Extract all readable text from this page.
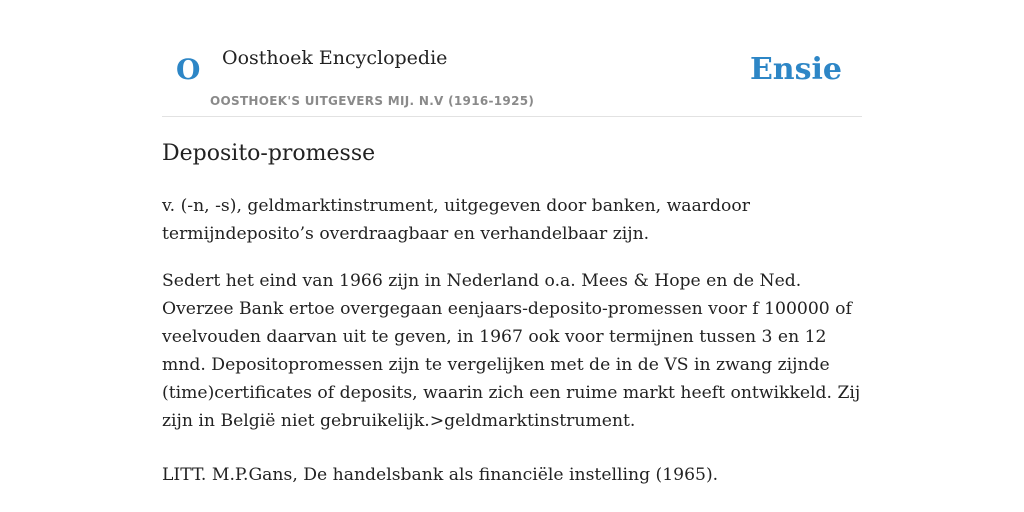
O Oosthoek Encyclopedie
OOSTHOEK'S UITGEVERS MIJ. N.V (1916-1925)
Ensie
Deposito-promesse

v. (-n, -s), geldmarktinstrument, uitgegeven door banken, waardoor termijndeposito’s overdraagbaar en verhandelbaar zijn.

Sedert het eind van 1966 zijn in Nederland o.a. Mees & Hope en de Ned. Overzee Bank ertoe overgegaan eenjaars-deposito-promessen voor f 100000 of veelvouden daarvan uit te geven, in 1967 ook voor termijnen tussen 3 en 12 mnd. Depositopromessen zijn te vergelijken met de in de VS in zwang zijnde (time)certificates of deposits, waarin zich een ruime markt heeft ontwikkeld. Zij zijn in België niet gebruikelijk.>geldmarktinstrument.

LITT. M.P.Gans, De handelsbank als financiële instelling (1965).
